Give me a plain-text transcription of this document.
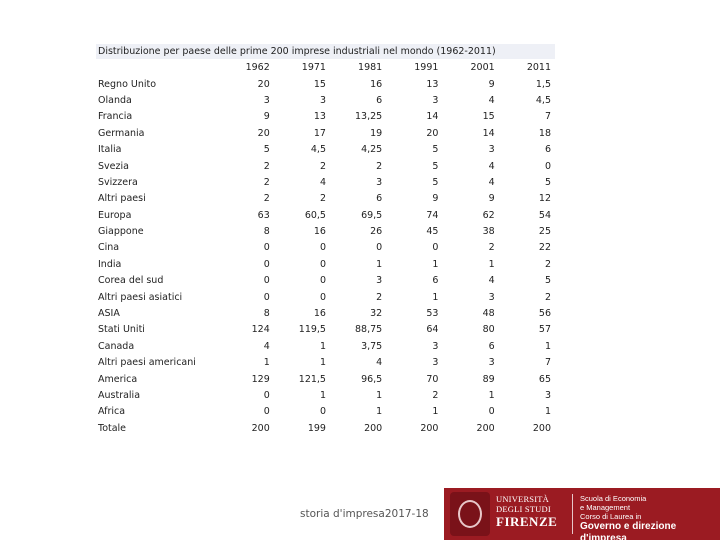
Distribuzione per paese delle prime 200 imprese industriali nel mondo (1962-2011)						
	1962	1971	1981	1991	2001	2011
Regno Unito	20	15	16	13	9	1,5
Olanda	3	3	6	3	4	4,5
Francia	9	13	13,25	14	15	7
Germania	20	17	19	20	14	18
Italia	5	4,5	4,25	5	3	6
Svezia	2	2	2	5	4	0
Svizzera	2	4	3	5	4	5
Altri paesi	2	2	6	9	9	12
Europa	63	60,5	69,5	74	62	54
Giappone	8	16	26	45	38	25
Cina	0	0	0	0	2	22
India	0	0	1	1	1	2
Corea del sud	0	0	3	6	4	5
Altri paesi asiatici	0	0	2	1	3	2
ASIA	8	16	32	53	48	56
Stati Uniti	124	119,5	88,75	64	80	57
Canada	4	1	3,75	3	6	1
Altri paesi americani	1	1	4	3	3	7
America	129	121,5	96,5	70	89	65
Australia	0	1	1	2	1	3
Africa	0	0	1	1	0	1
Totale	200	199	200	200	200	200
storia d'impresa2017-18
UNIVERSITÀ
DEGLI STUDI
FIRENZE
Scuola di Economia
e Management
Corso di Laurea in
Governo e direzione d'impresa
